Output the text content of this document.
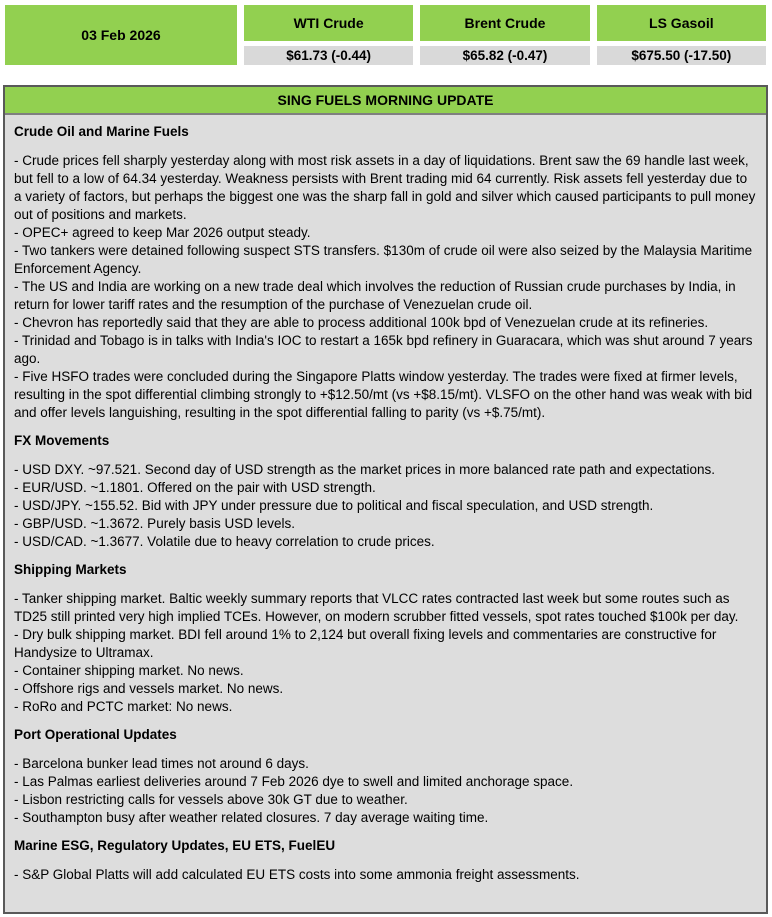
03 Feb 2026
WTI Crude	Brent Crude	LS Gasoil
$61.73 (-0.44)	$65.82 (-0.47)	$675.50 (-17.50)
SING FUELS MORNING UPDATE
Crude Oil and Marine Fuels
- Crude prices fell sharply yesterday along with most risk assets in a day of liquidations. Brent saw the 69 handle last week, but fell to a low of 64.34 yesterday. Weakness persists with Brent trading mid 64 currently. Risk assets fell yesterday due to a variety of factors, but perhaps the biggest one was the sharp fall in gold and silver which caused participants to pull money out of positions and markets.
- OPEC+ agreed to keep Mar 2026 output steady.
- Two tankers were detained following suspect STS transfers. $130m of crude oil were also seized by the Malaysia Maritime Enforcement Agency.
- The US and India are working on a new trade deal which involves the reduction of Russian crude purchases by India, in return for lower tariff rates and the resumption of the purchase of Venezuelan crude oil.
- Chevron has reportedly said that they are able to process additional 100k bpd of Venezuelan crude at its refineries.
- Trinidad and Tobago is in talks with India's IOC to restart a 165k bpd refinery in Guaracara, which was shut around 7 years ago.
- Five HSFO trades were concluded during the Singapore Platts window yesterday. The trades were fixed at firmer levels, resulting in the spot differential climbing strongly to +$12.50/mt (vs +$8.15/mt). VLSFO on the other hand was weak with bid and offer levels languishing, resulting in the spot differential falling to parity (vs +$.75/mt).
FX Movements
- USD DXY. ~97.521. Second day of USD strength as the market prices in more balanced rate path and expectations.
- EUR/USD. ~1.1801. Offered on the pair with USD strength.
- USD/JPY. ~155.52. Bid with JPY under pressure due to political and fiscal speculation, and USD strength.
- GBP/USD. ~1.3672. Purely basis USD levels.
- USD/CAD. ~1.3677. Volatile due to heavy correlation to crude prices.
Shipping Markets
- Tanker shipping market. Baltic weekly summary reports that VLCC rates contracted last week but some routes such as TD25 still printed very high implied TCEs. However, on modern scrubber fitted vessels, spot rates touched $100k per day.
- Dry bulk shipping market. BDI fell around 1% to 2,124 but overall fixing levels and commentaries are constructive for Handysize to Ultramax.
- Container shipping market. No news.
- Offshore rigs and vessels market. No news.
- RoRo and PCTC market: No news.
Port Operational Updates
- Barcelona bunker lead times not around 6 days.
- Las Palmas earliest deliveries around 7 Feb 2026 dye to swell and limited anchorage space.
- Lisbon restricting calls for vessels above 30k GT due to weather.
- Southampton busy after weather related closures. 7 day average waiting time.
Marine ESG, Regulatory Updates, EU ETS, FuelEU
- S&P Global Platts will add calculated EU ETS costs into some ammonia freight assessments.
